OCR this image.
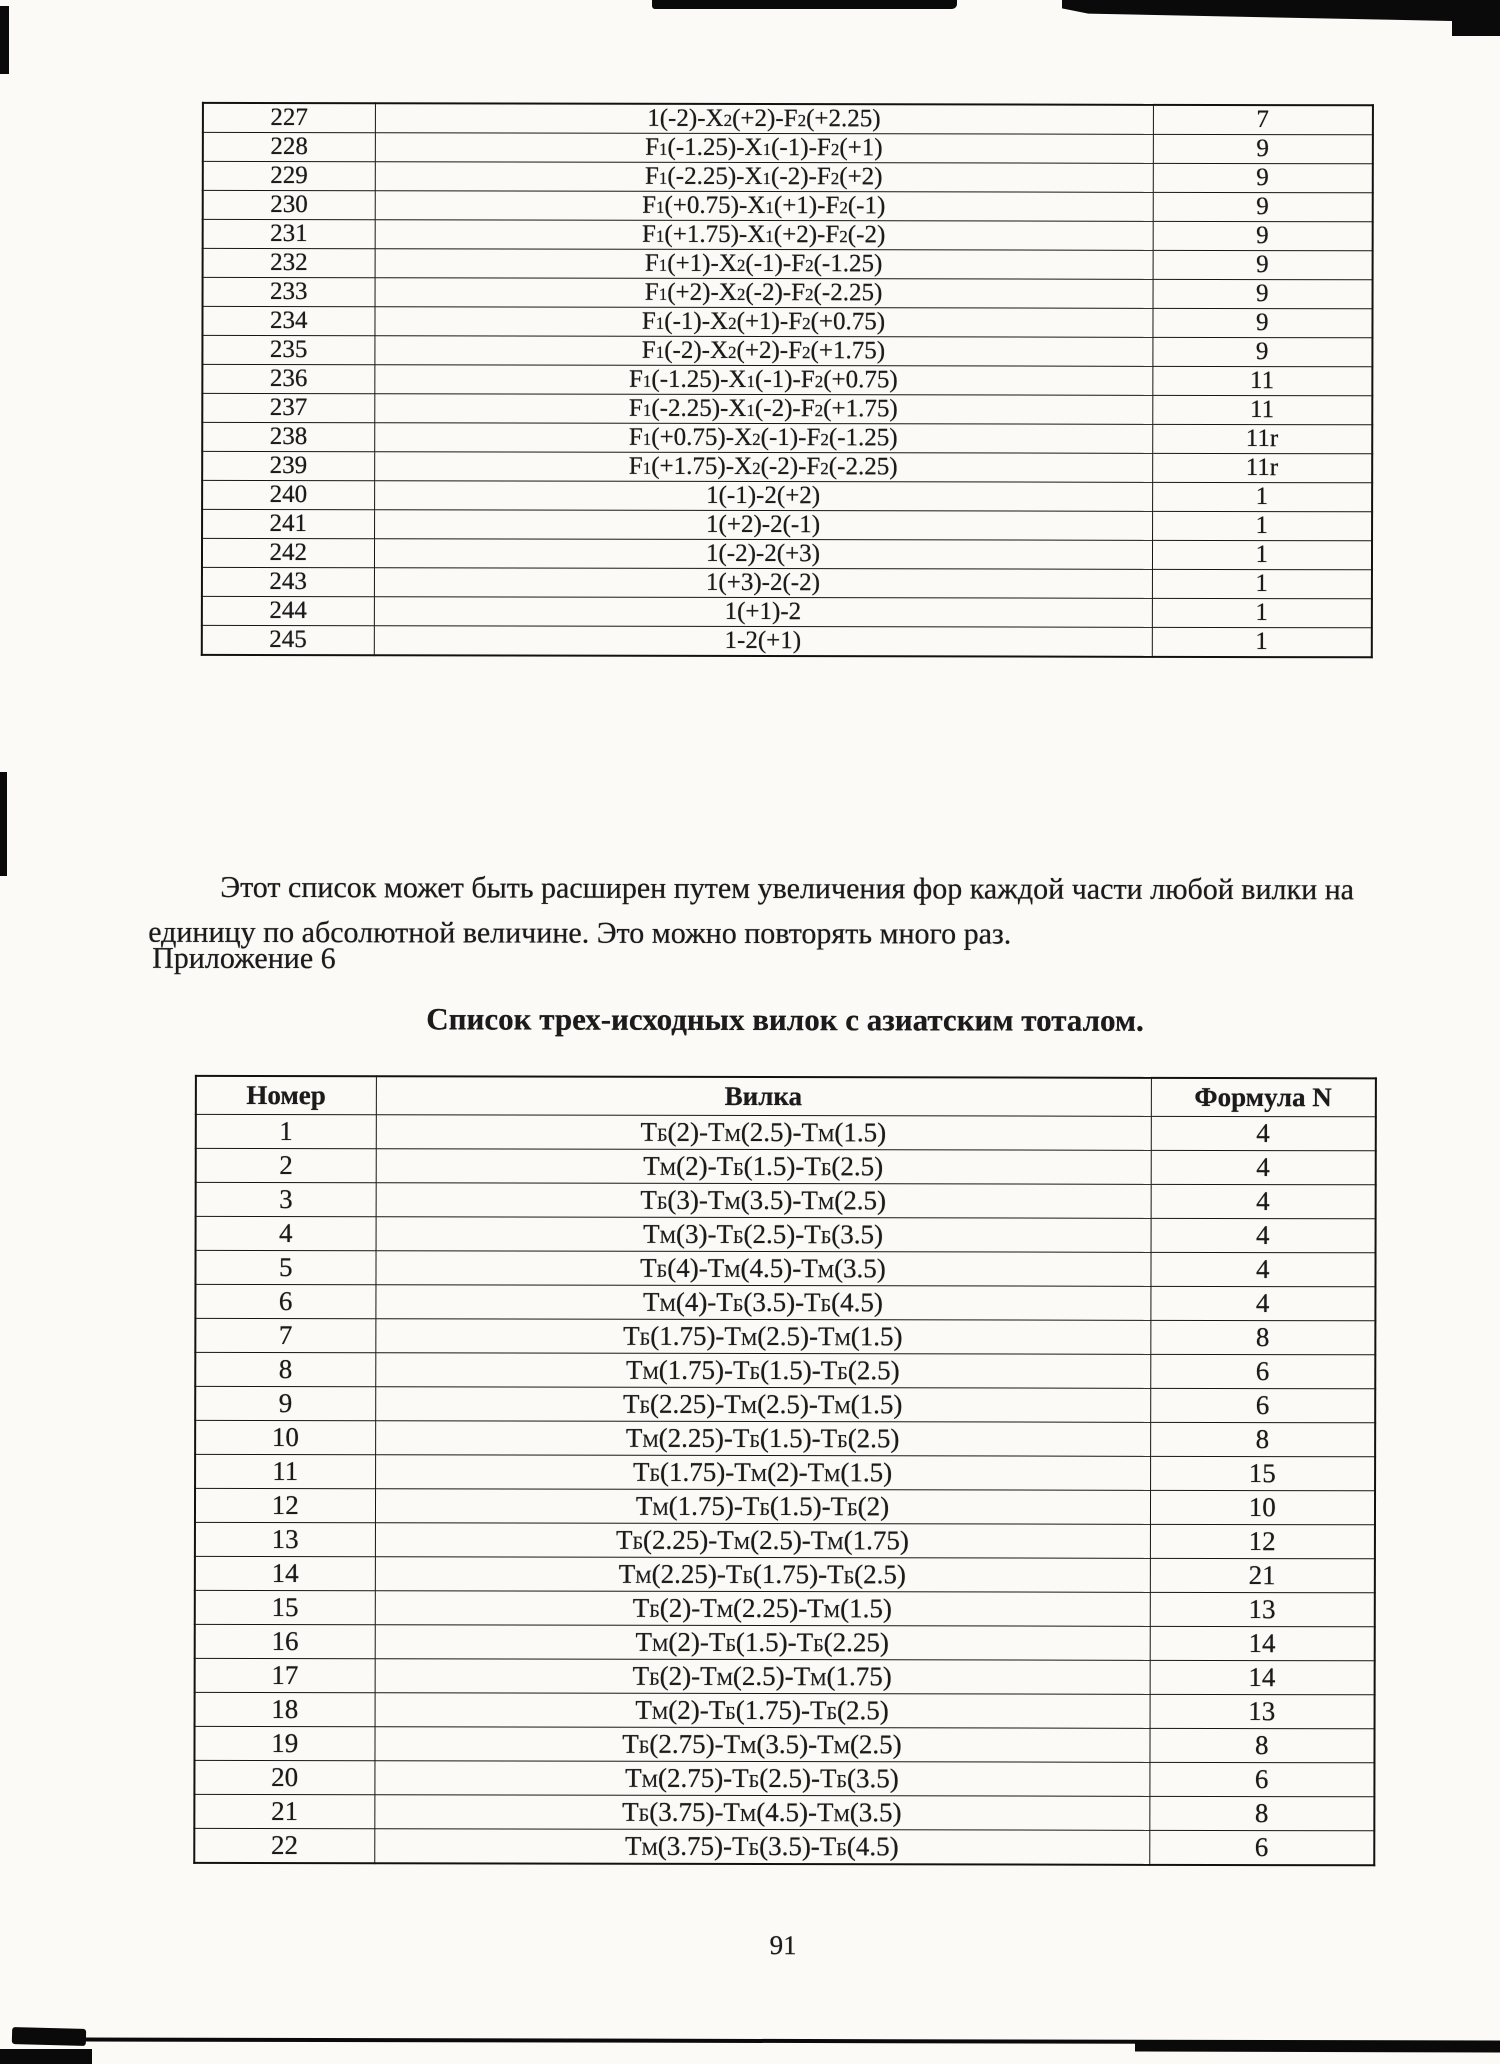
227	$1(-2)-X_2(+2)-F_2(+2.25)$	7
228	$F_1(-1.25)-X_1(-1)-F_2(+1)$	9
229	$F_1(-2.25)-X_1(-2)-F_2(+2)$	9
230	$F_1(+0.75)-X_1(+1)-F_2(-1)$	9
231	$F_1(+1.75)-X_1(+2)-F_2(-2)$	9
232	$F_1(+1)-X_2(-1)-F_2(-1.25)$	9
233	$F_1(+2)-X_2(-2)-F_2(-2.25)$	9
234	$F_1(-1)-X_2(+1)-F_2(+0.75)$	9
235	$F_1(-2)-X_2(+2)-F_2(+1.75)$	9
236	$F_1(-1.25)-X_1(-1)-F_2(+0.75)$	11
237	$F_1(-2.25)-X_1(-2)-F_2(+1.75)$	11
238	$F_1(+0.75)-X_2(-1)-F_2(-1.25)$	11r
239	$F_1(+1.75)-X_2(-2)-F_2(-2.25)$	11r
240	1(-1)-2(+2)	1
241	1(+2)-2(-1)	1
242	1(-2)-2(+3)	1
243	1(+3)-2(-2)	1
244	1(+1)-2	1
245	1-2(+1)	1

Этот список может быть расширен путем увеличения фор каждой части любой вилки на единицу по абсолютной величине. Это можно повторять много раз.

Приложение 6
Список трех-исходных вилок с азиатским тоталом.
Номер	Вилка	Формула N
1	$Т_Б(2)-Т_М(2.5)-Т_М(1.5)$	4
2	$Т_М(2)-Т_Б(1.5)-Т_Б(2.5)$	4
3	$Т_Б(3)-Т_М(3.5)-Т_М(2.5)$	4
4	$Т_М(3)-Т_Б(2.5)-Т_Б(3.5)$	4
5	$Т_Б(4)-Т_М(4.5)-Т_М(3.5)$	4
6	$Т_М(4)-Т_Б(3.5)-Т_Б(4.5)$	4
7	$Т_Б(1.75)-Т_М(2.5)-Т_М(1.5)$	8
8	$Т_М(1.75)-Т_Б(1.5)-Т_Б(2.5)$	6
9	$Т_Б(2.25)-Т_М(2.5)-Т_М(1.5)$	6
10	$Т_М(2.25)-Т_Б(1.5)-Т_Б(2.5)$	8
11	$Т_Б(1.75)-Т_М(2)-Т_М(1.5)$	15
12	$Т_М(1.75)-Т_Б(1.5)-Т_Б(2)$	10
13	$Т_Б(2.25)-Т_М(2.5)-Т_М(1.75)$	12
14	$Т_М(2.25)-Т_Б(1.75)-Т_Б(2.5)$	21
15	$Т_Б(2)-Т_М(2.25)-Т_М(1.5)$	13
16	$Т_М(2)-Т_Б(1.5)-Т_Б(2.25)$	14
17	$Т_Б(2)-Т_М(2.5)-Т_М(1.75)$	14
18	$Т_М(2)-Т_Б(1.75)-Т_Б(2.5)$	13
19	$Т_Б(2.75)-Т_М(3.5)-Т_М(2.5)$	8
20	$Т_М(2.75)-Т_Б(2.5)-Т_Б(3.5)$	6
21	$Т_Б(3.75)-Т_М(4.5)-Т_М(3.5)$	8
22	$Т_М(3.75)-Т_Б(3.5)-Т_Б(4.5)$	6
91
